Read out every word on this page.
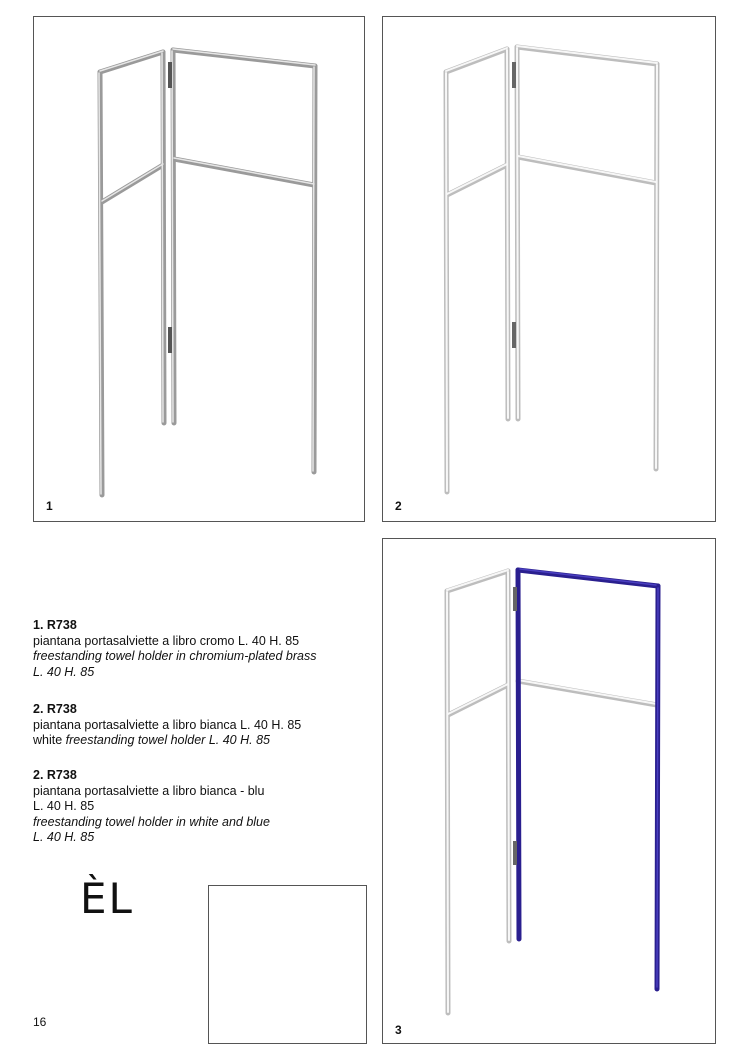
1	2
3
1. R738
piantana portasalviette a libro cromo L. 40 H. 85
freestanding towel holder in chromium-plated brass
L. 40 H. 85
2. R738
piantana portasalviette a libro bianca L. 40 H. 85
white freestanding towel holder L. 40 H. 85
2. R738
piantana portasalviette a libro bianca - blu
L. 40 H. 85
freestanding towel holder in white and blue
L. 40 H. 85
ÈL
16
